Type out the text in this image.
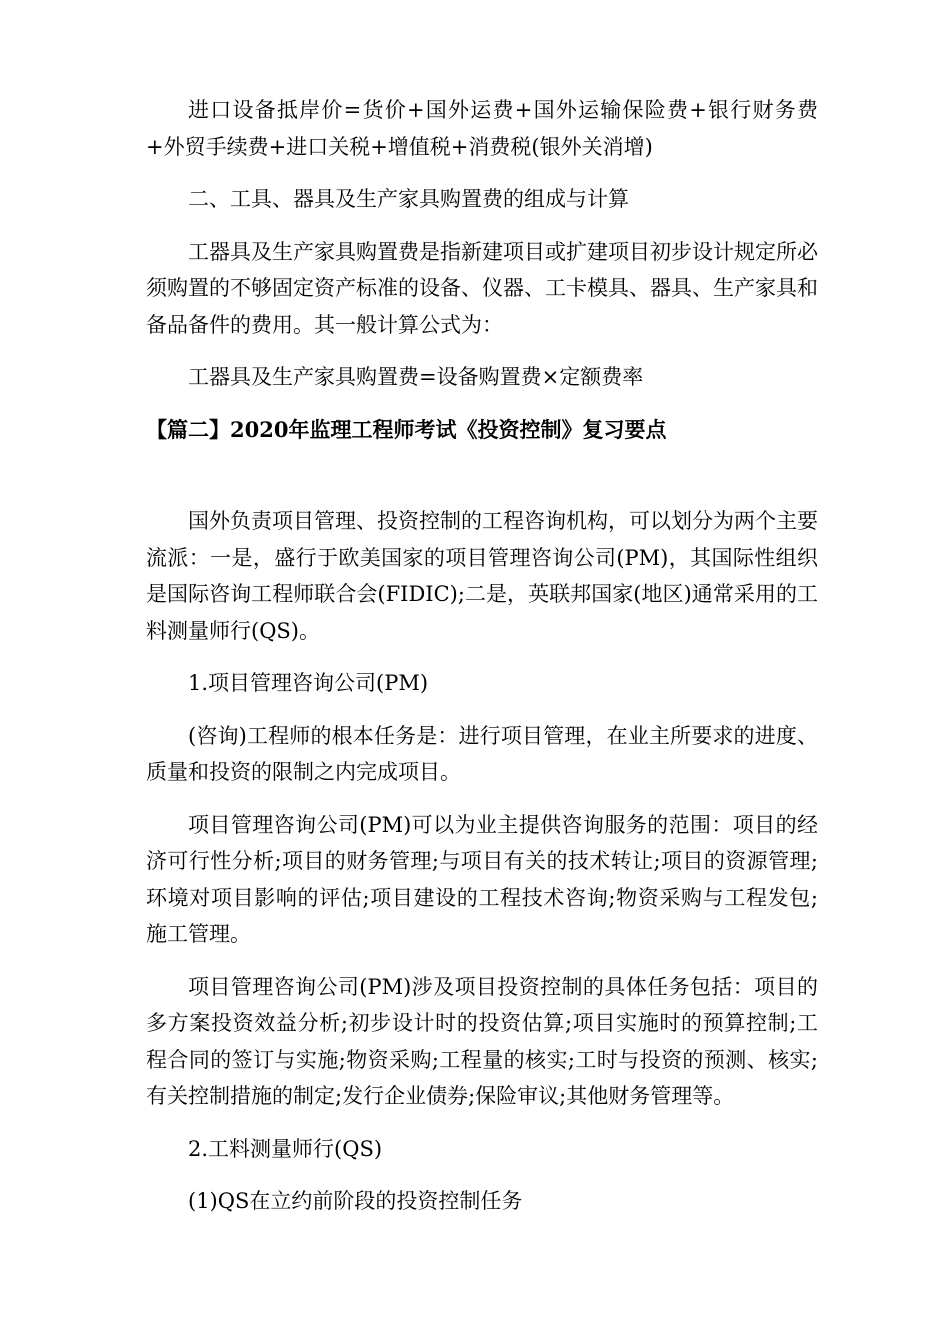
进口设备抵岸价=货价+国外运费+国外运输保险费+银行财务费+外贸手续费+进口关税+增值税+消费税(银外关消增)

二、工具、器具及生产家具购置费的组成与计算

工器具及生产家具购置费是指新建项目或扩建项目初步设计规定所必须购置的不够固定资产标准的设备、仪器、工卡模具、器具、生产家具和备品备件的费用。其一般计算公式为：

工器具及生产家具购置费=设备购置费×定额费率

【篇二】2020年监理工程师考试《投资控制》复习要点

国外负责项目管理、投资控制的工程咨询机构，可以划分为两个主要流派：一是，盛行于欧美国家的项目管理咨询公司(PM)，其国际性组织是国际咨询工程师联合会(FIDIC);二是，英联邦国家(地区)通常采用的工料测量师行(QS)。

1.项目管理咨询公司(PM)

(咨询)工程师的根本任务是：进行项目管理，在业主所要求的进度、质量和投资的限制之内完成项目。

项目管理咨询公司(PM)可以为业主提供咨询服务的范围：项目的经济可行性分析;项目的财务管理;与项目有关的技术转让;项目的资源管理;环境对项目影响的评估;项目建设的工程技术咨询;物资采购与工程发包;施工管理。

项目管理咨询公司(PM)涉及项目投资控制的具体任务包括：项目的多方案投资效益分析;初步设计时的投资估算;项目实施时的预算控制;工程合同的签订与实施;物资采购;工程量的核实;工时与投资的预测、核实;有关控制措施的制定;发行企业债券;保险审议;其他财务管理等。

2.工料测量师行(QS)

(1)QS在立约前阶段的投资控制任务
